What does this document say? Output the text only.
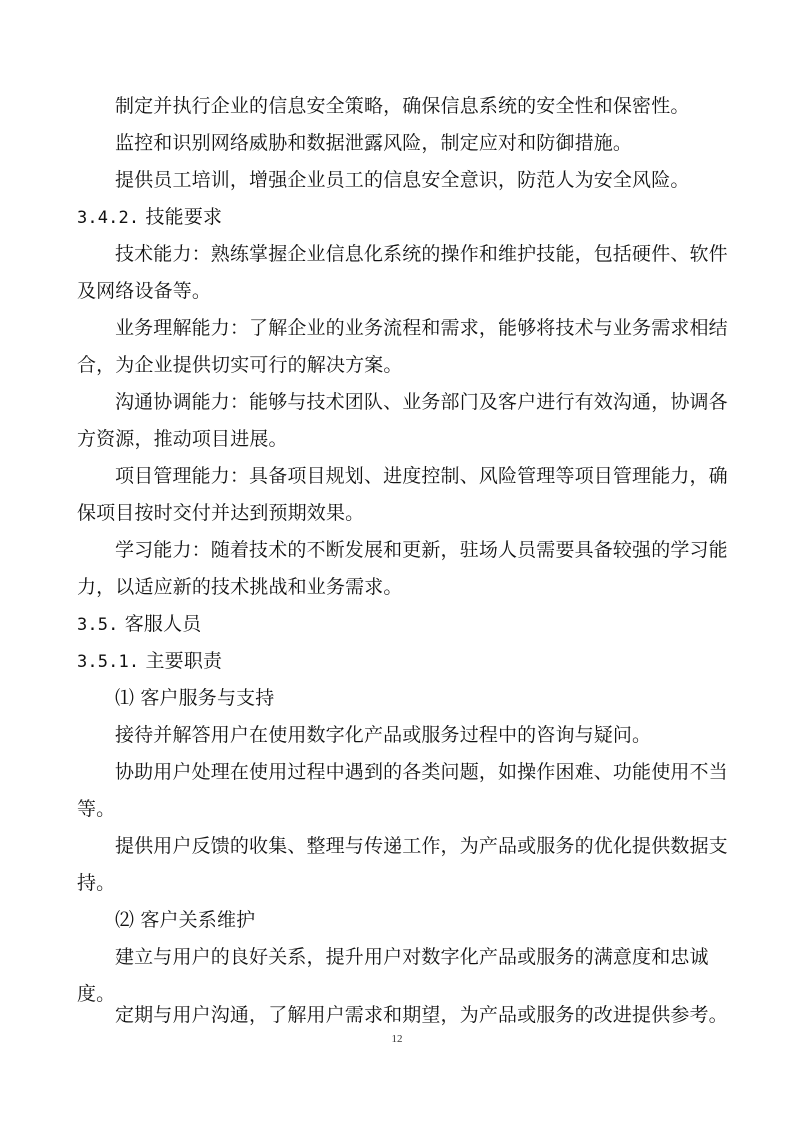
制定并执行企业的信息安全策略，确保信息系统的安全性和保密性。

监控和识别网络威胁和数据泄露风险，制定应对和防御措施。

提供员工培训，增强企业员工的信息安全意识，防范人为安全风险。

3.4.2. 技能要求

技术能力：熟练掌握企业信息化系统的操作和维护技能，包括硬件、软件

及网络设备等。

业务理解能力：了解企业的业务流程和需求，能够将技术与业务需求相结

合，为企业提供切实可行的解决方案。

沟通协调能力：能够与技术团队、业务部门及客户进行有效沟通，协调各

方资源，推动项目进展。

项目管理能力：具备项目规划、进度控制、风险管理等项目管理能力，确

保项目按时交付并达到预期效果。

学习能力：随着技术的不断发展和更新，驻场人员需要具备较强的学习能

力，以适应新的技术挑战和业务需求。

3.5. 客服人员

3.5.1. 主要职责

⑴ 客户服务与支持

接待并解答用户在使用数字化产品或服务过程中的咨询与疑问。

协助用户处理在使用过程中遇到的各类问题，如操作困难、功能使用不当

等。

提供用户反馈的收集、整理与传递工作，为产品或服务的优化提供数据支

持。

⑵ 客户关系维护

建立与用户的良好关系，提升用户对数字化产品或服务的满意度和忠诚

度。

定期与用户沟通，了解用户需求和期望，为产品或服务的改进提供参考。

12
